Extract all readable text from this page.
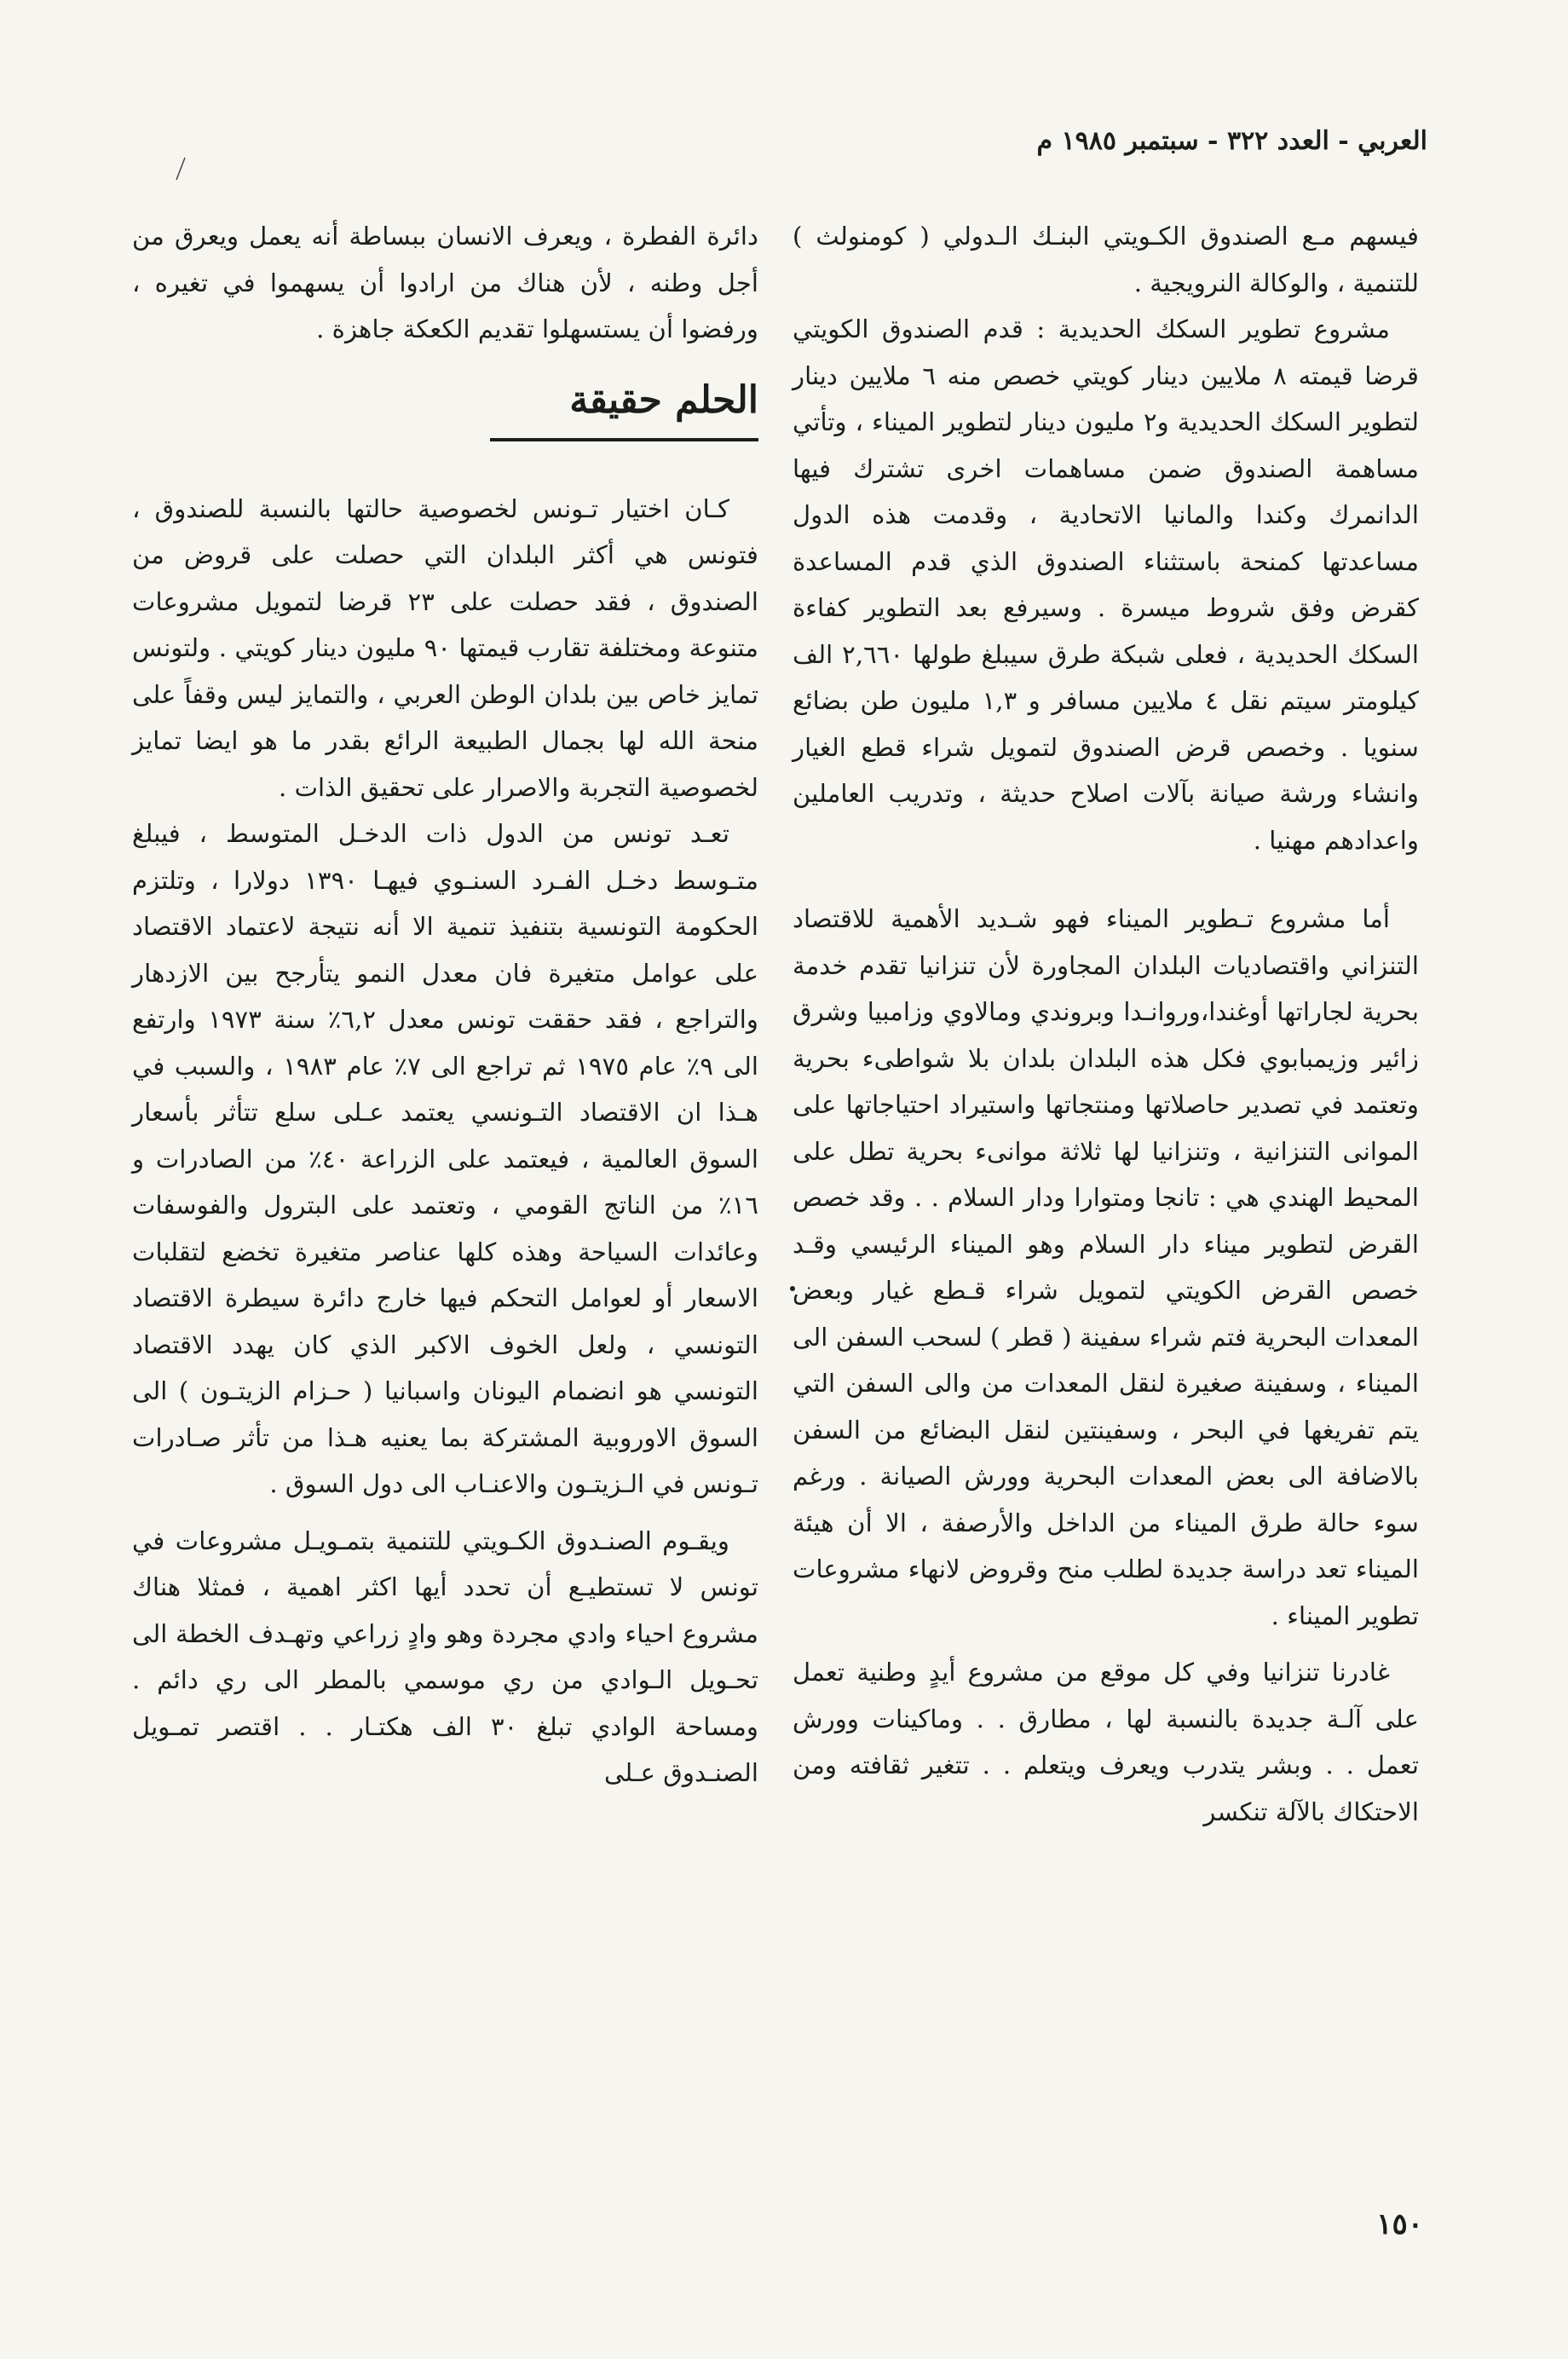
العربي - العدد ٣٢٢ - سبتمبر ١٩٨٥ م

فيسهم مـع الصندوق الكـويتي البنـك الـدولي ( كومنولث ) للتنمية ، والوكالة النرويجية .

مشروع تطوير السكك الحديدية : قدم الصندوق الكويتي قرضا قيمته ٨ ملايين دينار كويتي خصص منه ٦ ملايين دينار لتطوير السكك الحديدية و٢ مليون دينار لتطوير الميناء ، وتأتي مساهمة الصندوق ضمن مساهمات اخرى تشترك فيها الدانمرك وكندا والمانيا الاتحادية ، وقدمت هذه الدول مساعدتها كمنحة باستثناء الصندوق الذي قدم المساعدة كقرض وفق شروط ميسرة . وسيرفع بعد التطوير كفاءة السكك الحديدية ، فعلى شبكة طرق سيبلغ طولها ٢,٦٦٠ الف كيلومتر سيتم نقل ٤ ملايين مسافر و ١,٣ مليون طن بضائع سنويا . وخصص قرض الصندوق لتمويل شراء قطع الغيار وانشاء ورشة صيانة بآلات اصلاح حديثة ، وتدريب العاملين واعدادهم مهنيا .

أما مشروع تـطوير الميناء فهو شـديد الأهمية للاقتصاد التنزاني واقتصاديات البلدان المجاورة لأن تنزانيا تقدم خدمة بحرية لجاراتها أوغندا،وروانـدا وبروندي ومالاوي وزامبيا وشرق زائير وزيمبابوي فكل هذه البلدان بلدان بلا شواطىء بحرية وتعتمد في تصدير حاصلاتها ومنتجاتها واستيراد احتياجاتها على الموانى التنزانية ، وتنزانيا لها ثلاثة موانىء بحرية تطل على المحيط الهندي هي : تانجا ومتوارا ودار السلام . . وقد خصص القرض لتطوير ميناء دار السلام وهو الميناء الرئيسي وقـد خصص القرض الكويتي لتمويل شراء قـطع غيار وبعض المعدات البحرية فتم شراء سفينة ( قطر ) لسحب السفن الى الميناء ، وسفينة صغيرة لنقل المعدات من والى السفن التي يتم تفريغها في البحر ، وسفينتين لنقل البضائع من السفن بالاضافة الى بعض المعدات البحرية وورش الصيانة . ورغم سوء حالة طرق الميناء من الداخل والأرصفة ، الا أن هيئة الميناء تعد دراسة جديدة لطلب منح وقروض لانهاء مشروعات تطوير الميناء .

غادرنا تنزانيا وفي كل موقع من مشروع أيدٍ وطنية تعمل على آلـة جديدة بالنسبة لها ، مطارق . . وماكينات وورش تعمل . . وبشر يتدرب ويعرف ويتعلم . . تتغير ثقافته ومن الاحتكاك بالآلة تنكسر

دائرة الفطرة ، ويعرف الانسان ببساطة أنه يعمل ويعرق من أجل وطنه ، لأن هناك من ارادوا أن يسهموا في تغيره ، ورفضوا أن يستسهلوا تقديم الكعكة جاهزة .

الحلم حقيقة

كـان اختيار تـونس لخصوصية حالتها بالنسبة للصندوق ، فتونس هي أكثر البلدان التي حصلت على قروض من الصندوق ، فقد حصلت على ٢٣ قرضا لتمويل مشروعات متنوعة ومختلفة تقارب قيمتها ٩٠ مليون دينار كويتي . ولتونس تمايز خاص بين بلدان الوطن العربي ، والتمايز ليس وقفاً على منحة الله لها بجمال الطبيعة الرائع بقدر ما هو ايضا تمايز لخصوصية التجربة والاصرار على تحقيق الذات .

تعـد تونس من الدول ذات الدخـل المتوسط ، فيبلغ متـوسط دخـل الفـرد السنـوي فيهـا ١٣٩٠ دولارا ، وتلتزم الحكومة التونسية بتنفيذ تنمية الا أنه نتيجة لاعتماد الاقتصاد على عوامل متغيرة فان معدل النمو يتأرجح بين الازدهار والتراجع ، فقد حققت تونس معدل ٦,٢٪ سنة ١٩٧٣ وارتفع الى ٩٪ عام ١٩٧٥ ثم تراجع الى ٧٪ عام ١٩٨٣ ، والسبب في هـذا ان الاقتصاد التـونسي يعتمد عـلى سلع تتأثر بأسعار السوق العالمية ، فيعتمد على الزراعة ٤٠٪ من الصادرات و ١٦٪ من الناتج القومي ، وتعتمد على البترول والفوسفات وعائدات السياحة وهذه كلها عناصر متغيرة تخضع لتقلبات الاسعار أو لعوامل التحكم فيها خارج دائرة سيطرة الاقتصاد التونسي ، ولعل الخوف الاكبر الذي كان يهدد الاقتصاد التونسي هو انضمام اليونان واسبانيا ( حـزام الزيتـون ) الى السوق الاوروبية المشتركة بما يعنيه هـذا من تأثر صـادرات تـونس في الـزيتـون والاعنـاب الى دول السوق .

ويقـوم الصنـدوق الكـويتي للتنمية بتمـويـل مشروعات في تونس لا تستطيـع أن تحدد أيها اكثر اهمية ، فمثلا هناك مشروع احياء وادي مجردة وهو وادٍ زراعي وتهـدف الخطة الى تحـويل الـوادي من ري موسمي بالمطر الى ري دائم . ومساحة الوادي تبلغ ٣٠ الف هكتـار . . اقتصر تمـويل الصنـدوق عـلى

١٥٠
